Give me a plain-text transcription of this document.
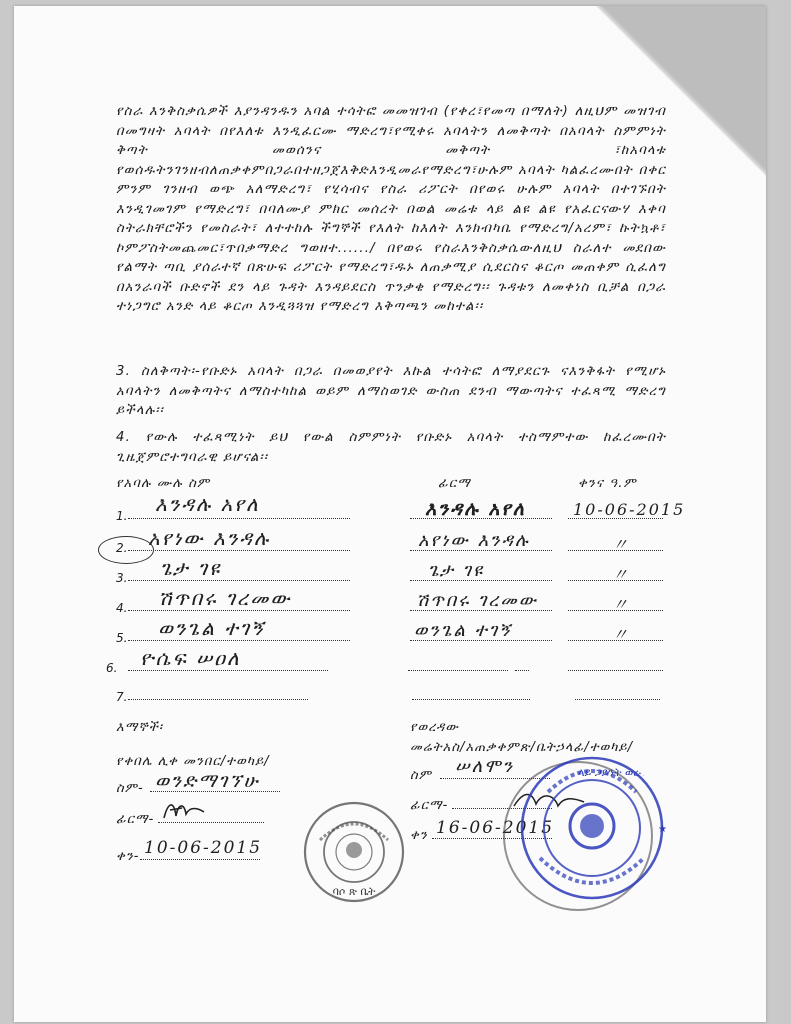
የስራ እንቅስቃሴዎች እያንዳንዱን አባል ተሳትፎ መመዝገብ (የቀረ፣የመጣ በማለት) ለዚህም መዝገብ በመግዛት አባላት በየእለቱ እንዲፈርሙ ማድረግ፣የሚቀሩ አባላትን ለመቅጣት በአባላት ስምምነት ቅጣት መወሰንና መቅጣት ፣ከአባላቱ የወሰዱትንገንዘብለጠቃቀምበጋራበተዘጋጀእቅድእንዲመራየማድረግ፣ሁሉም አባላት ካልፈረሙበት በቀር ምንም ገንዘብ ወጭ አለማድረግ፣ የሂሳብና የስራ ሪፖርት በየወሩ ሁሉም አባላት በተገኙበት እንዲገመገም የማድረግ፣ በባለሙያ ምክር መሰረት በወል መሬቱ ላይ ልዩ ልዩ የአፈርናውሃ እቀባ ስትራክቸሮችን የመስራት፣ ለተተከሉ ችግኞች የእለት ከእለት እንክብካቤ የማድረግ/አረም፣ ኩትኳቶ፣ ኮምፖስትመጨመር፣ጥበቃማድረ ግወዘተ....../ በየወሩ የስራእንቅስቃሴውለዚህ ስራለተ መደበው የልማት ጣቢ ያሰራተኛ በጽሁፍ ሪፖርት የማድረግ፣ዱኑ ለጠቃሚያ ሲደርስና ቆርጦ መጠቀም ሲፈለግ በአንራባች ቡድኖች ደን ላይ ጉዳት እንዳይደርስ ጥንቃቄ የማድረግ፡፡ ጉዳቱን ለመቀነስ ቢቻል በጋራ ተነጋግሮ አንድ ላይ ቆርጦ እንዲጓጓዝ የማድረግ እቅጣጫን መከተል፡፡
3. ስለቅጣት፡-የቡድኑ አባላት በጋራ በመወያየት እኩል ተሳትፎ ለማያደርጉ ናእንቅፋት የሚሆኑ አባላትን ለመቅጣትና ለማስተካከል ወይም ለማስወገድ ውስጠ ደንብ ማውጣትና ተፈጻሚ ማድረግ ይችላሉ፡፡
4. የውሉ ተፈጻሚነት ይህ የውል ስምምነት የቡድኑ አባላት ተስማምተው ከፈረሙበት ጊዜጀምሮተግባራዊ ይሆናል፡፡
የአባሉ ሙሉ ስም	ፊርማ	ቀንና ዓ.ም
1. እንዳሉ አየለ	እንዳሉ አየለ	10-06-2015
2. አየነው እንዳሉ	አየነው እንዳሉ	〃
3. ጌታ ገዩ	ጌታ ገዩ	〃
4. ሽጥበሩ ገረመው	ሽጥበሩ ገረመው	〃
5. ወንጌል ተገኝ	ወንጌል ተገኝ	〃
6. ዮሴፍ ሠዐለ
7.
እማኞች፡
የቀበሌ ሊቀ መንበር/ተወካይ/
ስም- ወንድማገኘሁ
ፊርማ-
ቀን- 10-06-2015
የወረዳው
መሬትአስ/አጠቃቀምጽ/ቤትኃላፊ/ተወካይ/
ስም ሠለሞን
ፊርማ-
ቀን 16-06-2015
ባሶ ጽ ቤት
ላይ ጋይንት ወረዳ
★
